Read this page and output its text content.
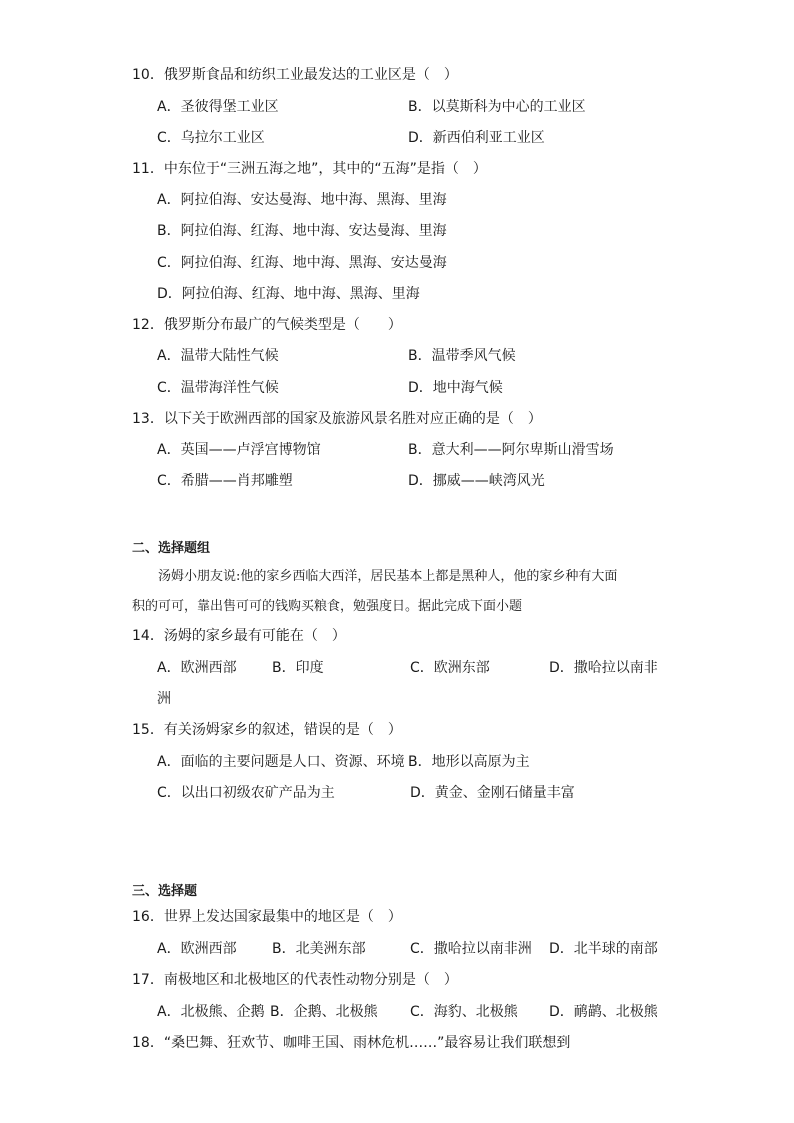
10．俄罗斯食品和纺织工业最发达的工业区是（　）
A．圣彼得堡工业区	B．以莫斯科为中心的工业区
C．乌拉尔工业区	D．新西伯利亚工业区
11．中东位于“三洲五海之地”，其中的“五海”是指（　）
A．阿拉伯海、安达曼海、地中海、黑海、里海
B．阿拉伯海、红海、地中海、安达曼海、里海
C．阿拉伯海、红海、地中海、黑海、安达曼海
D．阿拉伯海、红海、地中海、黑海、里海
12．俄罗斯分布最广的气候类型是（　　）
A．温带大陆性气候	B．温带季风气候
C．温带海洋性气候	D．地中海气候
13．以下关于欧洲西部的国家及旅游风景名胜对应正确的是（　）
A．英国——卢浮宫博物馆	B．意大利——阿尔卑斯山滑雪场
C．希腊——肖邦雕塑	D．挪威——峡湾风光
二、选择题组
汤姆小朋友说:他的家乡西临大西洋，居民基本上都是黑种人，他的家乡种有大面
积的可可，靠出售可可的钱购买粮食，勉强度日。据此完成下面小题
14．汤姆的家乡最有可能在（　）
A．欧洲西部	B．印度	C．欧洲东部	D．撒哈拉以南非
洲
15．有关汤姆家乡的叙述，错误的是（　）
A．面临的主要问题是人口、资源、环境 B．地形以高原为主
C．以出口初级农矿产品为主	D．黄金、金刚石储量丰富
三、选择题
16．世界上发达国家最集中的地区是（　）
A．欧洲西部	B．北美洲东部	C．撒哈拉以南非洲 D．北半球的南部
17．南极地区和北极地区的代表性动物分别是（　）
A．北极熊、企鹅 B．企鹅、北极熊 C．海豹、北极熊 D．鸸鹋、北极熊
18．“桑巴舞、狂欢节、咖啡王国、雨林危机……”最容易让我们联想到
